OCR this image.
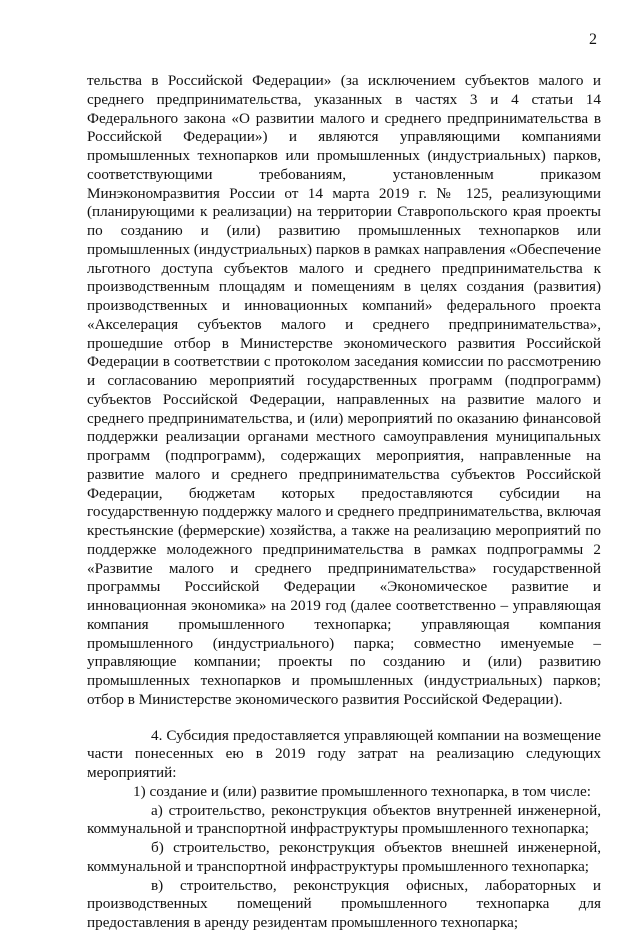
2

тельства в Российской Федерации» (за исключением субъектов малого и среднего предпринимательства, указанных в частях 3 и 4 статьи 14 Федерального закона «О развитии малого и среднего предпринимательства в Российской Федерации») и являются управляющими компаниями промышленных технопарков или промышленных (индустриальных) парков, соответствующими требованиям, установленным приказом Минэкономразвития России от 14 марта 2019 г. № 125, реализующими (планирующими к реализации) на территории Ставропольского края проекты по созданию и (или) развитию промышленных технопарков или промышленных (индустриальных) парков в рамках направления «Обеспечение льготного доступа субъектов малого и среднего предпринимательства к производственным площадям и помещениям в целях создания (развития) производственных и инновационных компаний» федерального проекта «Акселерация субъектов малого и среднего предпринимательства», прошедшие отбор в Министерстве экономического развития Российской Федерации в соответствии с протоколом заседания комиссии по рассмотрению и согласованию мероприятий государственных программ (подпрограмм) субъектов Российской Федерации, направленных на развитие малого и среднего предпринимательства, и (или) мероприятий по оказанию финансовой поддержки реализации органами местного самоуправления муниципальных программ (подпрограмм), содержащих мероприятия, направленные на развитие малого и среднего предпринимательства субъектов Российской Федерации, бюджетам которых предоставляются субсидии на государственную поддержку малого и среднего предпринимательства, включая крестьянские (фермерские) хозяйства, а также на реализацию мероприятий по поддержке молодежного предпринимательства в рамках подпрограммы 2 «Развитие малого и среднего предпринимательства» государственной программы Российской Федерации «Экономическое развитие и инновационная экономика» на 2019 год (далее соответственно – управляющая компания промышленного технопарка; управляющая компания промышленного (индустриального) парка; совместно именуемые – управляющие компании; проекты по созданию и (или) развитию промышленных технопарков и промышленных (индустриальных) парков; отбор в Министерстве экономического развития Российской Федерации).

4. Субсидия предоставляется управляющей компании на возмещение части понесенных ею в 2019 году затрат на реализацию следующих мероприятий:

1) создание и (или) развитие промышленного технопарка, в том числе:

а) строительство, реконструкция объектов внутренней инженерной, коммунальной и транспортной инфраструктуры промышленного технопарка;

б) строительство, реконструкция объектов внешней инженерной, коммунальной и транспортной инфраструктуры промышленного технопарка;

в) строительство, реконструкция офисных, лабораторных и производственных помещений промышленного технопарка для предоставления в аренду резидентам промышленного технопарка;
